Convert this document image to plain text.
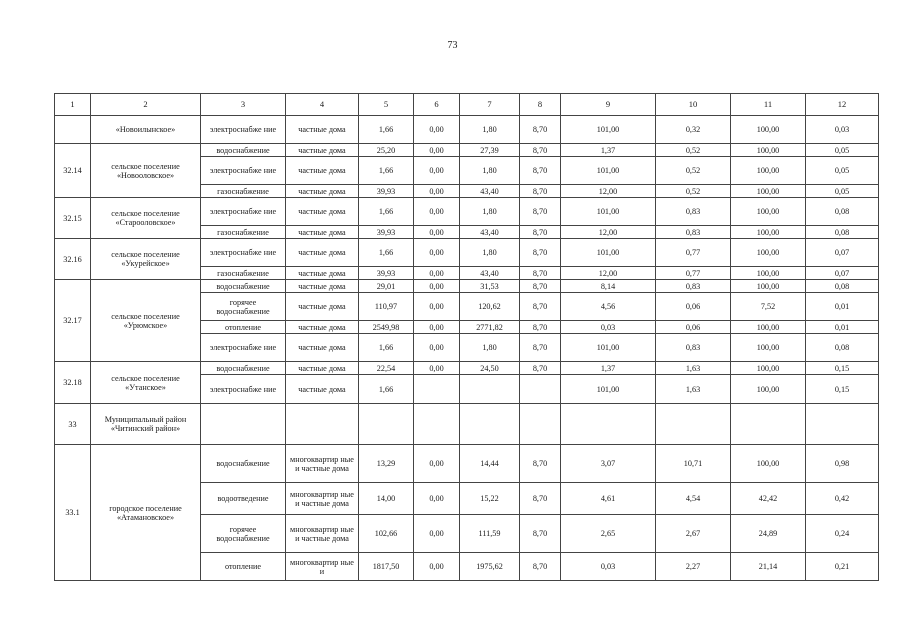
73
1	2	3	4	5	6	7	8	9	10	11	12
	«Новоилынское»	электроснабже ние	частные дома	1,66	0,00	1,80	8,70	101,00	0,32	100,00	0,03
32.14	сельское поселение «Новооловское»	водоснабжение	частные дома	25,20	0,00	27,39	8,70	1,37	0,52	100,00	0,05
		электроснабже ние	частные дома	1,66	0,00	1,80	8,70	101,00	0,52	100,00	0,05
		газоснабжение	частные дома	39,93	0,00	43,40	8,70	12,00	0,52	100,00	0,05
32.15	сельское поселение «Старооловское»	электроснабже ние	частные дома	1,66	0,00	1,80	8,70	101,00	0,83	100,00	0,08
		газоснабжение	частные дома	39,93	0,00	43,40	8,70	12,00	0,83	100,00	0,08
32.16	сельское поселение «Укурейское»	электроснабже ние	частные дома	1,66	0,00	1,80	8,70	101,00	0,77	100,00	0,07
		газоснабжение	частные дома	39,93	0,00	43,40	8,70	12,00	0,77	100,00	0,07
32.17	сельское поселение «Урюмское»	водоснабжение	частные дома	29,01	0,00	31,53	8,70	8,14	0,83	100,00	0,08
		горячее водоснабжение	частные дома	110,97	0,00	120,62	8,70	4,56	0,06	7,52	0,01
		отопление	частные дома	2549,98	0,00	2771,82	8,70	0,03	0,06	100,00	0,01
		электроснабже ние	частные дома	1,66	0,00	1,80	8,70	101,00	0,83	100,00	0,08
32.18	сельское поселение «Утанское»	водоснабжение	частные дома	22,54	0,00	24,50	8,70	1,37	1,63	100,00	0,15
		электроснабже ние	частные дома	1,66				101,00	1,63	100,00	0,15
33	Муниципальный район «Читинский район»										
33.1	городское поселение «Атамановское»	водоснабжение	многоквартир ные и частные дома	13,29	0,00	14,44	8,70	3,07	10,71	100,00	0,98
		водоотведение	многоквартир ные и частные дома	14,00	0,00	15,22	8,70	4,61	4,54	42,42	0,42
		горячее водоснабжение	многоквартир ные и частные дома	102,66	0,00	111,59	8,70	2,65	2,67	24,89	0,24
		отопление	многоквартир ные и	1817,50	0,00	1975,62	8,70	0,03	2,27	21,14	0,21
